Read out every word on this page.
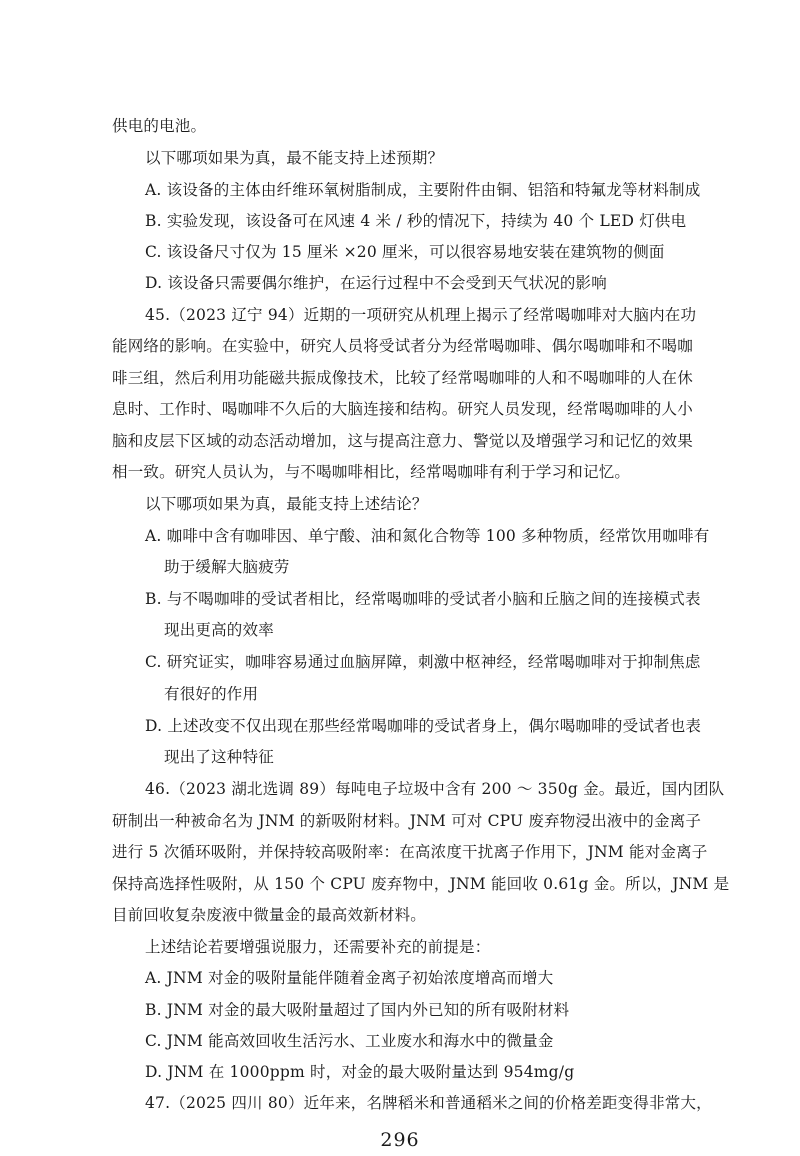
供电的电池。
以下哪项如果为真，最不能支持上述预期？
A. 该设备的主体由纤维环氧树脂制成，主要附件由铜、铝箔和特氟龙等材料制成
B. 实验发现，该设备可在风速 4 米 / 秒的情况下，持续为 40 个 LED 灯供电
C. 该设备尺寸仅为 15 厘米 ×20 厘米，可以很容易地安装在建筑物的侧面
D. 该设备只需要偶尔维护，在运行过程中不会受到天气状况的影响
45.（2023 辽宁 94）近期的一项研究从机理上揭示了经常喝咖啡对大脑内在功
能网络的影响。在实验中，研究人员将受试者分为经常喝咖啡、偶尔喝咖啡和不喝咖
啡三组，然后利用功能磁共振成像技术，比较了经常喝咖啡的人和不喝咖啡的人在休
息时、工作时、喝咖啡不久后的大脑连接和结构。研究人员发现，经常喝咖啡的人小
脑和皮层下区域的动态活动增加，这与提高注意力、警觉以及增强学习和记忆的效果
相一致。研究人员认为，与不喝咖啡相比，经常喝咖啡有利于学习和记忆。
以下哪项如果为真，最能支持上述结论？
A. 咖啡中含有咖啡因、单宁酸、油和氮化合物等 100 多种物质，经常饮用咖啡有
助于缓解大脑疲劳
B. 与不喝咖啡的受试者相比，经常喝咖啡的受试者小脑和丘脑之间的连接模式表
现出更高的效率
C. 研究证实，咖啡容易通过血脑屏障，刺激中枢神经，经常喝咖啡对于抑制焦虑
有很好的作用
D. 上述改变不仅出现在那些经常喝咖啡的受试者身上，偶尔喝咖啡的受试者也表
现出了这种特征
46.（2023 湖北选调 89）每吨电子垃圾中含有 200 ～ 350g 金。最近，国内团队
研制出一种被命名为 JNM 的新吸附材料。JNM 可对 CPU 废弃物浸出液中的金离子
进行 5 次循环吸附，并保持较高吸附率：在高浓度干扰离子作用下，JNM 能对金离子
保持高选择性吸附，从 150 个 CPU 废弃物中，JNM 能回收 0.61g 金。所以，JNM 是
目前回收复杂废液中微量金的最高效新材料。
上述结论若要增强说服力，还需要补充的前提是：
A. JNM 对金的吸附量能伴随着金离子初始浓度增高而增大
B. JNM 对金的最大吸附量超过了国内外已知的所有吸附材料
C. JNM 能高效回收生活污水、工业废水和海水中的微量金
D. JNM 在 1000ppm 时，对金的最大吸附量达到 954mg/g
47.（2025 四川 80）近年来，名牌稻米和普通稻米之间的价格差距变得非常大，
296
